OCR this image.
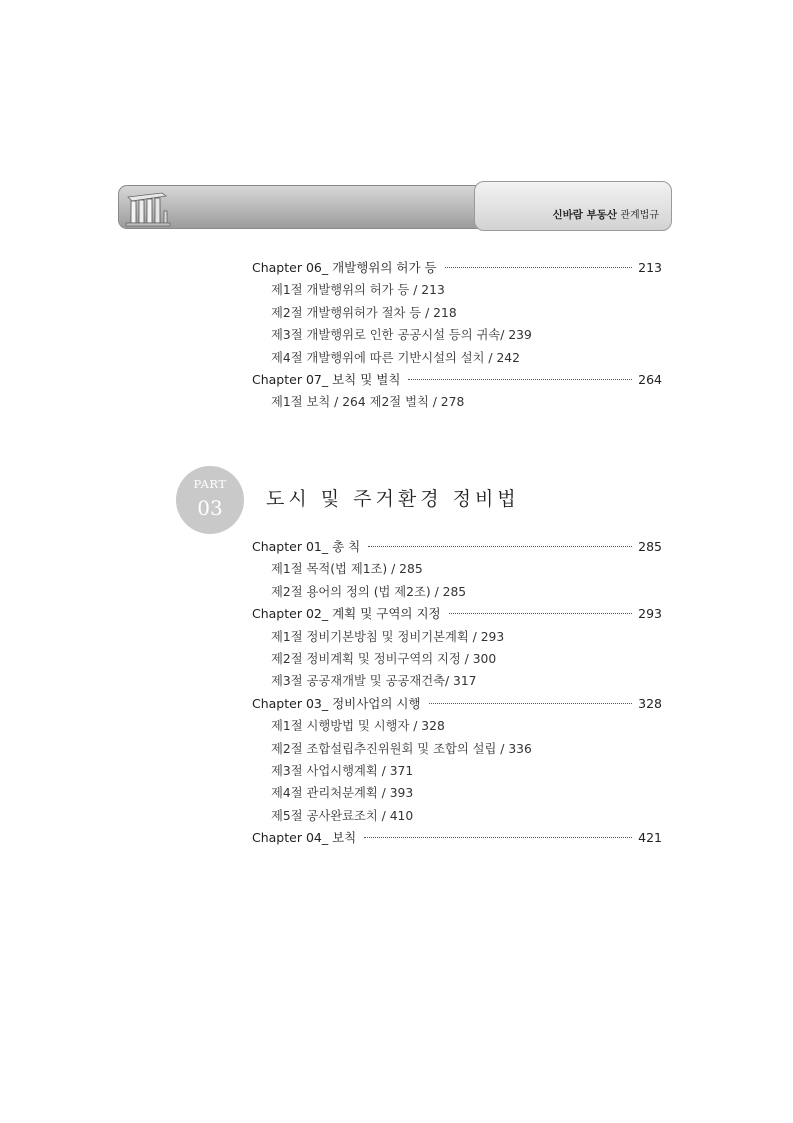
신바람 부동산 관계법규
Chapter 06_ 개발행위의 허가 등	213
제1절 개발행위의 허가 등 / 213
제2절 개발행위허가 절차 등 / 218
제3절 개발행위로 인한 공공시설 등의 귀속/ 239
제4절 개발행위에 따른 기반시설의 설치 / 242
Chapter 07_ 보칙 및 벌칙	264
제1절 보칙 / 264 제2절 벌칙 / 278
PART
03	도시 및 주거환경 정비법
Chapter 01_ 총 칙	285
제1절 목적(법 제1조) / 285
제2절 용어의 정의 (법 제2조) / 285
Chapter 02_ 계획 및 구역의 지정	293
제1절 정비기본방침 및 정비기본계획 / 293
제2절 정비계획 및 정비구역의 지정 / 300
제3절 공공재개발 및 공공재건축/ 317
Chapter 03_ 정비사업의 시행	328
제1절 시행방법 및 시행자 / 328
제2절 조합설립추진위원회 및 조합의 설립 / 336
제3절 사업시행계획 / 371
제4절 관리처분계획 / 393
제5절 공사완료조치 / 410
Chapter 04_ 보칙	421
